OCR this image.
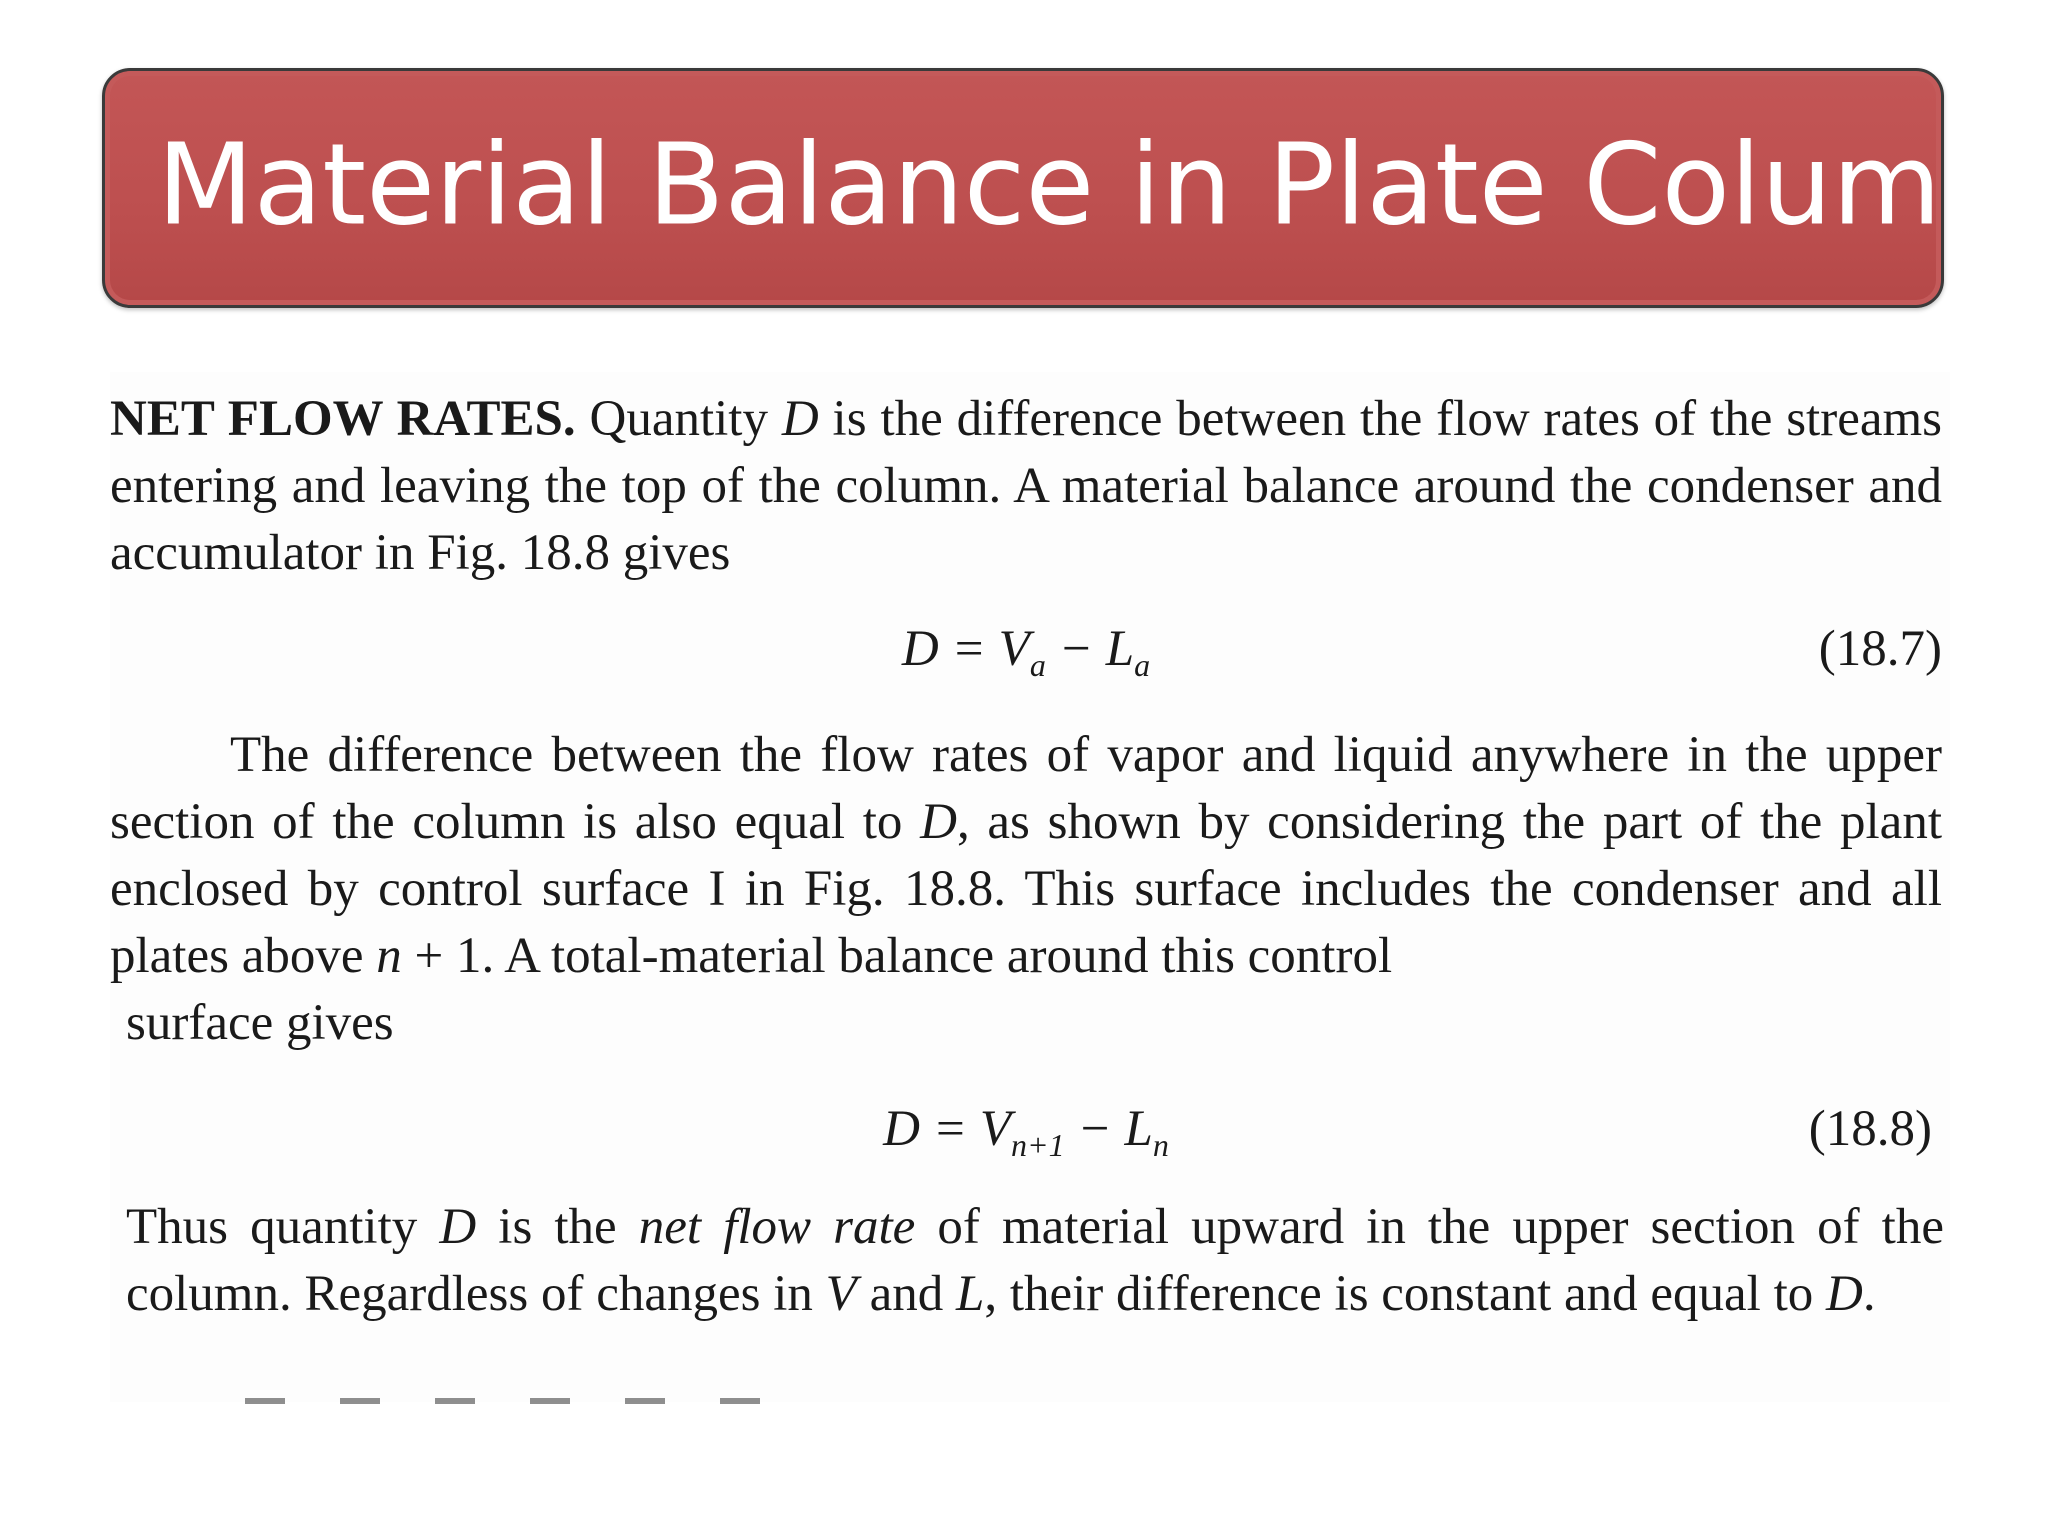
Material Balance in Plate Column
NET FLOW RATES. Quantity D is the difference between the flow rates of the streams entering and leaving the top of the column. A material balance around the condenser and accumulator in Fig. 18.8 gives
$D = V_a - L_a$	(18.7)
The difference between the flow rates of vapor and liquid anywhere in the upper section of the column is also equal to D, as shown by considering the part of the plant enclosed by control surface I in Fig. 18.8. This surface includes the condenser and all plates above n + 1. A total-material balance around this control
surface gives
$D = V_{n+1} - L_n$	(18.8)
Thus quantity D is the net flow rate of material upward in the upper section of the column. Regardless of changes in V and L, their difference is constant and equal to D.
